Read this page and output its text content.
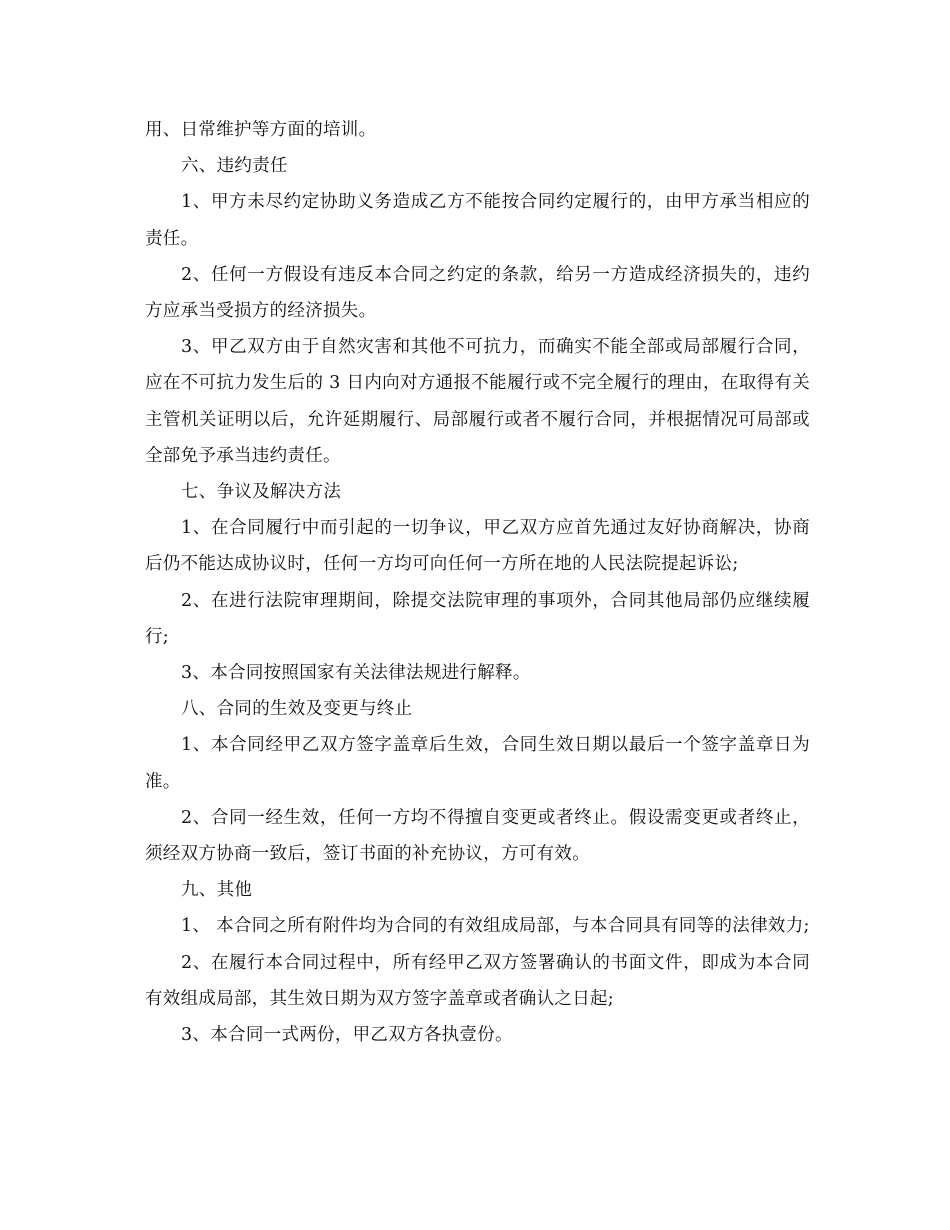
用、日常维护等方面的培训。

六、违约责任

1、甲方未尽约定协助义务造成乙方不能按合同约定履行的，由甲方承当相应的责任。

2、任何一方假设有违反本合同之约定的条款，给另一方造成经济损失的，违约方应承当受损方的经济损失。

3、甲乙双方由于自然灾害和其他不可抗力，而确实不能全部或局部履行合同，应在不可抗力发生后的 3 日内向对方通报不能履行或不完全履行的理由，在取得有关主管机关证明以后，允许延期履行、局部履行或者不履行合同，并根据情况可局部或全部免予承当违约责任。

七、争议及解决方法

1、在合同履行中而引起的一切争议，甲乙双方应首先通过友好协商解决，协商后仍不能达成协议时，任何一方均可向任何一方所在地的人民法院提起诉讼;

2、在进行法院审理期间，除提交法院审理的事项外，合同其他局部仍应继续履行;

3、本合同按照国家有关法律法规进行解释。

八、合同的生效及变更与终止

1、本合同经甲乙双方签字盖章后生效，合同生效日期以最后一个签字盖章日为准。

2、合同一经生效，任何一方均不得擅自变更或者终止。假设需变更或者终止，须经双方协商一致后，签订书面的补充协议，方可有效。

九、其他

1、 本合同之所有附件均为合同的有效组成局部，与本合同具有同等的法律效力;

2、在履行本合同过程中，所有经甲乙双方签署确认的书面文件，即成为本合同有效组成局部，其生效日期为双方签字盖章或者确认之日起;

3、本合同一式两份，甲乙双方各执壹份。
